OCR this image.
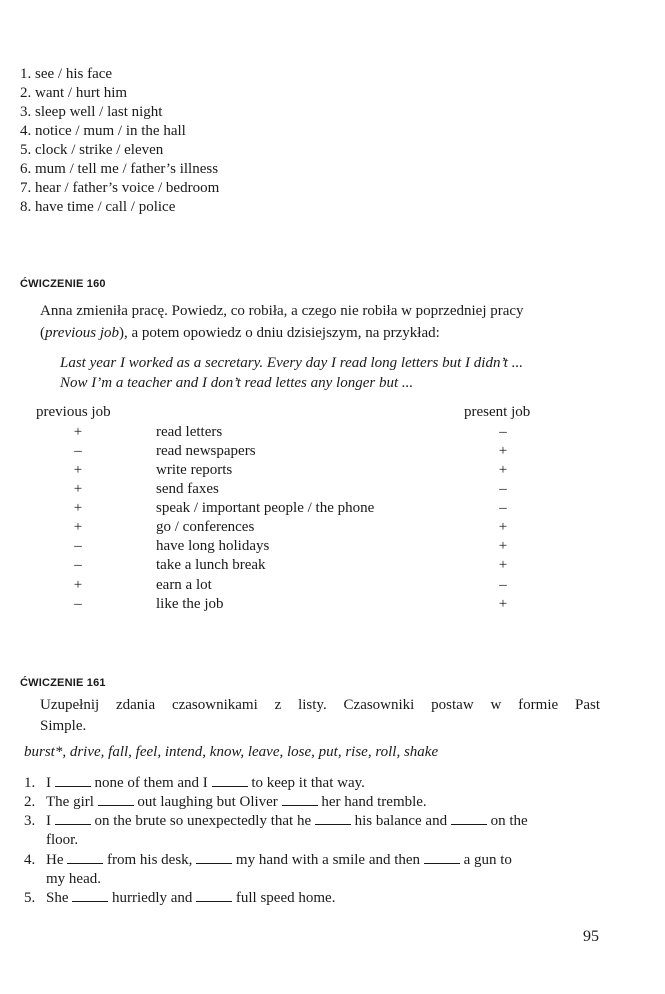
1. see / his face
2. want / hurt him
3. sleep well / last night
4. notice / mum / in the hall
5. clock / strike / eleven
6. mum / tell me / father’s illness
7. hear / father’s voice / bedroom
8. have time / call / police
ĆWICZENIE 160
Anna zmieniła pracę. Powiedz, co robiła, a czego nie robiła w poprzedniej pracy
(previous job), a potem opowiedz o dniu dzisiejszym, na przykład:
Last year I worked as a secretary. Every day I read long letters but I didn’t ...
Now I’m a teacher and I don’t read lettes any longer but ...
previous job	present job
+	read letters	–
–	read newspapers	+
+	write reports	+
+	send faxes	–
+	speak / important people / the phone	–
+	go / conferences	+
–	have long holidays	+
–	take a lunch break	+
+	earn a lot	–
–	like the job	+
ĆWICZENIE 161
Uzupełnij zdania czasownikami z listy. Czasowniki postaw w formie Past
Simple.
burst*, drive, fall, feel, intend, know, leave, lose, put, rise, roll, shake
1. I	none of them and I	to keep it that way.
2. The girl	out laughing but Oliver	her hand tremble.
3. I	on the brute so unexpectedly that he	his balance and	on the
floor.
4. He	from his desk,	my hand with a smile and then	a gun to
my head.
5. She	hurriedly and	full speed home.
95
